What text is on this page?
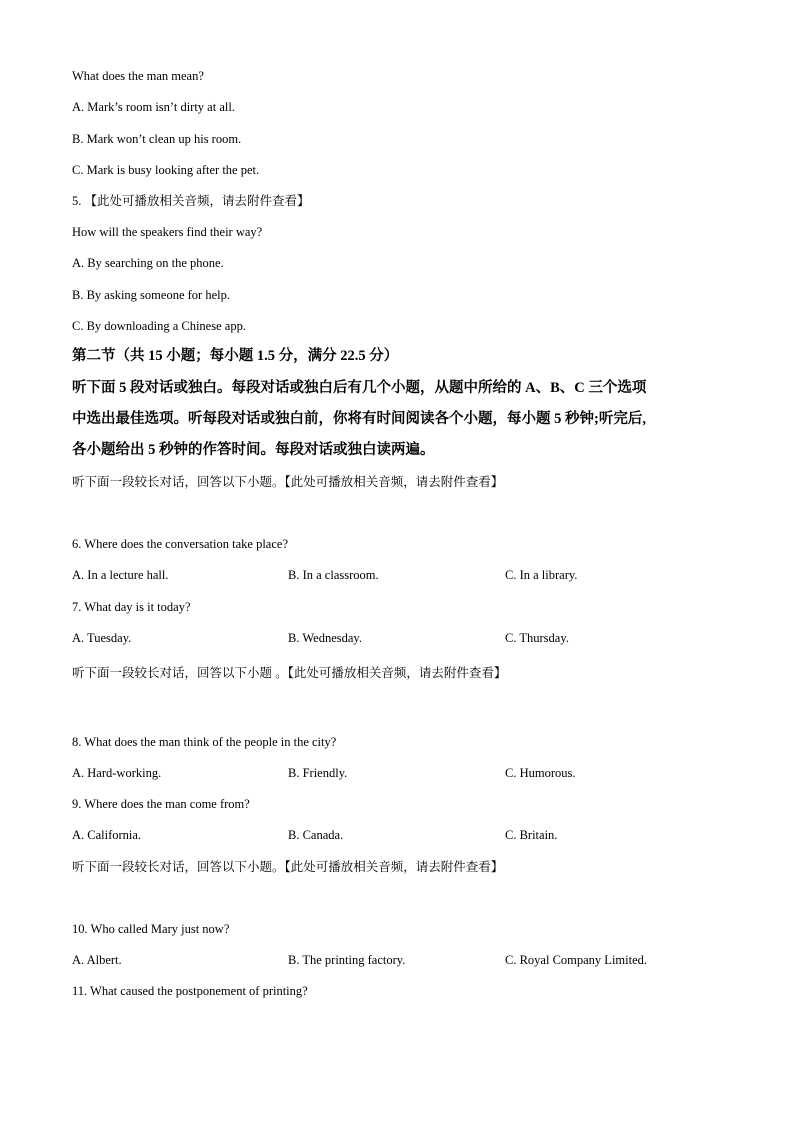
What does the man mean?
A. Mark’s room isn’t dirty at all.
B. Mark won’t clean up his room.
C. Mark is busy looking after the pet.
5. 【此处可播放相关音频，请去附件查看】
How will the speakers find their way?
A. By searching on the phone.
B. By asking someone for help.
C. By downloading a Chinese app.
第二节（共 15 小题；每小题 1.5 分，满分 22.5 分）
听下面 5 段对话或独白。每段对话或独白后有几个小题，从题中所给的 A、B、C 三个选项
中选出最佳选项。听每段对话或独白前，你将有时间阅读各个小题，每小题 5 秒钟;听完后,
各小题给出 5 秒钟的作答时间。每段对话或独白读两遍。
听下面一段较长对话，回答以下小题。【此处可播放相关音频，请去附件查看】
6. Where does the conversation take place?
A. In a lecture hall.	B. In a classroom.	C. In a library.
7. What day is it today?
A. Tuesday.	B. Wednesday.	C. Thursday.
听下面一段较长对话，回答以下小题 。【此处可播放相关音频，请去附件查看】
8. What does the man think of the people in the city?
A. Hard-working.	B. Friendly.	C. Humorous.
9. Where does the man come from?
A. California.	B. Canada.	C. Britain.
听下面一段较长对话，回答以下小题。【此处可播放相关音频，请去附件查看】
10. Who called Mary just now?
A. Albert.	B. The printing factory.	C. Royal Company Limited.
11. What caused the postponement of printing?
